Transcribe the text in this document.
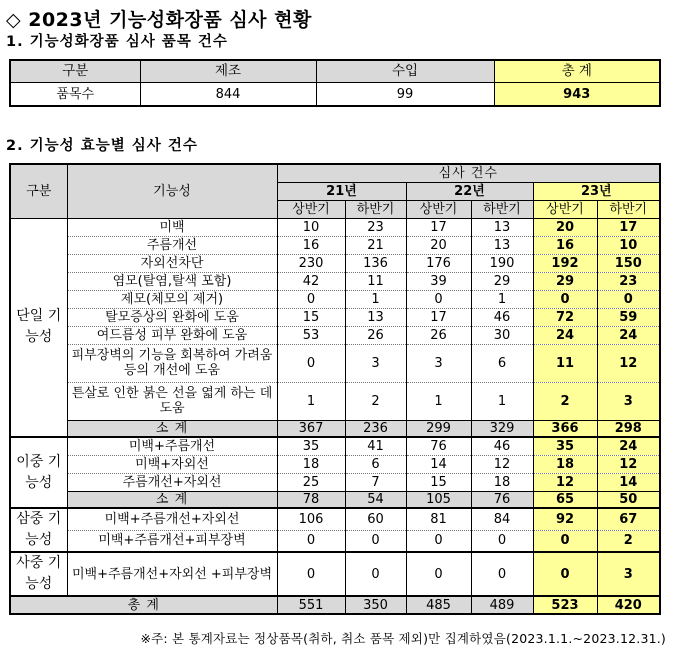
◇ 2023년 기능성화장품 심사 현황
1. 기능성화장품 심사 품목 건수
구분	제조	수입	총 계
품목수	844	99	943
2. 기능성 효능별 심사 건수
구분	기능성	심사 건수					
		21년		22년		23년	
		상반기	하반기	상반기	하반기	상반기	하반기
단일 기능성	미백	10	23	17	13	20	17
	주름개선	16	21	20	13	16	10
	자외선차단	230	136	176	190	192	150
	염모(탈염,탈색 포함)	42	11	39	29	29	23
	제모(체모의 제거)	0	1	0	1	0	0
	탈모증상의 완화에 도움	15	13	17	46	72	59
	여드름성 피부 완화에 도움	53	26	26	30	24	24
	피부장벽의 기능을 회복하여 가려움 등의 개선에 도움	0	3	3	6	11	12
	튼살로 인한 붉은 선을 엷게 하는 데 도움	1	2	1	1	2	3
	소 계	367	236	299	329	366	298
이중 기능성	미백+주름개선	35	41	76	46	35	24
	미백+자외선	18	6	14	12	18	12
	주름개선+자외선	25	7	15	18	12	14
	소 계	78	54	105	76	65	50
삼중 기능성	미백+주름개선+자외선	106	60	81	84	92	67
	미백+주름개선+피부장벽	0	0	0	0	0	2
사중 기능성	미백+주름개선+자외선 +피부장벽	0	0	0	0	0	3
총 계		551	350	485	489	523	420
※주: 본 통계자료는 정상품목(취하, 취소 품목 제외)만 집계하였음(2023.1.1.~2023.12.31.)
